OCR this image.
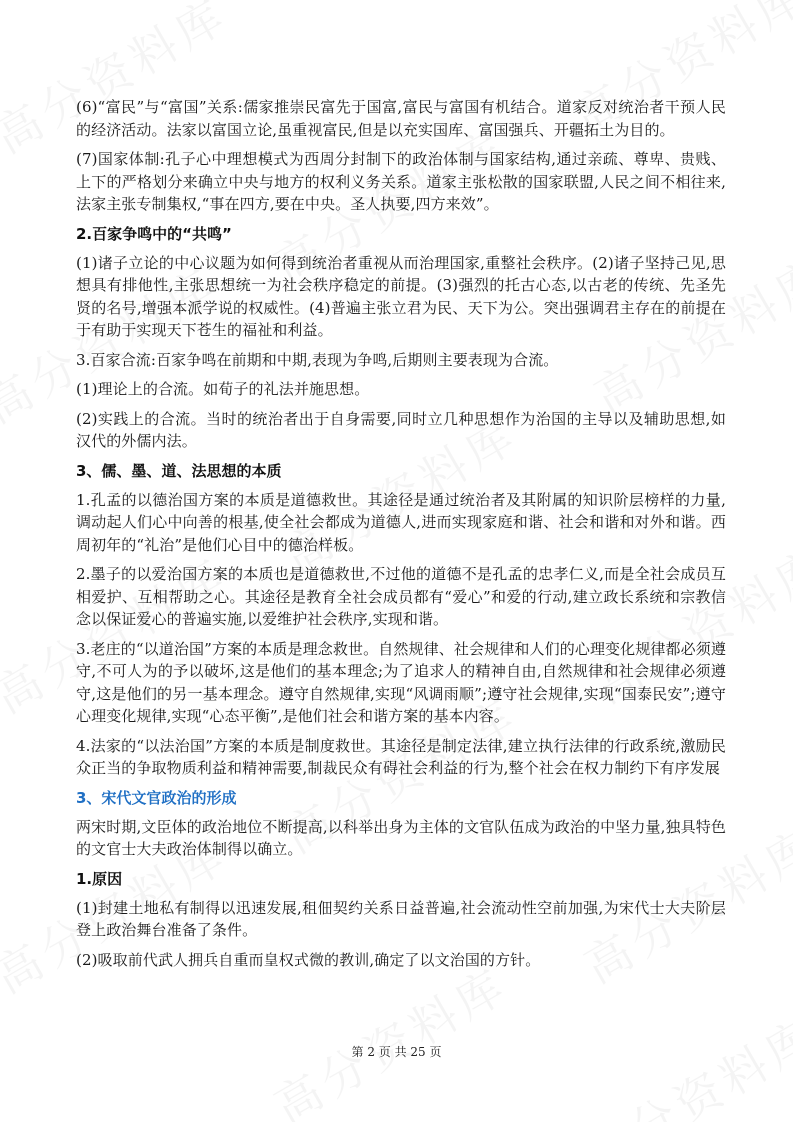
(6)“富民”与“富国”关系:儒家推崇民富先于国富,富民与富国有机结合。道家反对统治者干预人民的经济活动。法家以富国立论,虽重视富民,但是以充实国库、富国强兵、开疆拓土为目的。

(7)国家体制:孔子心中理想模式为西周分封制下的政治体制与国家结构,通过亲疏、尊卑、贵贱、上下的严格划分来确立中央与地方的权利义务关系。道家主张松散的国家联盟,人民之间不相往来,法家主张专制集权,“事在四方,要在中央。圣人执要,四方来效”。

2.百家争鸣中的“共鸣”

(1)诸子立论的中心议题为如何得到统治者重视从而治理国家,重整社会秩序。(2)诸子坚持己见,思想具有排他性,主张思想统一为社会秩序稳定的前提。(3)强烈的托古心态,以古老的传统、先圣先贤的名号,增强本派学说的权威性。(4)普遍主张立君为民、天下为公。突出强调君主存在的前提在于有助于实现天下苍生的福祉和利益。

3.百家合流:百家争鸣在前期和中期,表现为争鸣,后期则主要表现为合流。

(1)理论上的合流。如荀子的礼法并施思想。

(2)实践上的合流。当时的统治者出于自身需要,同时立几种思想作为治国的主导以及辅助思想,如汉代的外儒内法。

3、儒、墨、道、法思想的本质

1.孔孟的以德治国方案的本质是道德救世。其途径是通过统治者及其附属的知识阶层榜样的力量,调动起人们心中向善的根基,使全社会都成为道德人,进而实现家庭和谐、社会和谐和对外和谐。西周初年的“礼治”是他们心目中的德治样板。

2.墨子的以爱治国方案的本质也是道德救世,不过他的道德不是孔孟的忠孝仁义,而是全社会成员互相爱护、互相帮助之心。其途径是教育全社会成员都有“爱心”和爱的行动,建立政长系统和宗教信念以保证爱心的普遍实施,以爱维护社会秩序,实现和谐。

3.老庄的“以道治国”方案的本质是理念救世。自然规律、社会规律和人们的心理变化规律都必须遵守,不可人为的予以破坏,这是他们的基本理念;为了追求人的精神自由,自然规律和社会规律必须遵守,这是他们的另一基本理念。遵守自然规律,实现“风调雨顺”;遵守社会规律,实现“国泰民安”;遵守心理变化规律,实现“心态平衡”,是他们社会和谐方案的基本内容。

4.法家的“以法治国”方案的本质是制度救世。其途径是制定法律,建立执行法律的行政系统,激励民众正当的争取物质利益和精神需要,制裁民众有碍社会利益的行为,整个社会在权力制约下有序发展

3、宋代文官政治的形成

两宋时期,文臣体的政治地位不断提高,以科举出身为主体的文官队伍成为政治的中坚力量,独具特色的文官士大夫政治体制得以确立。

1.原因

(1)封建土地私有制得以迅速发展,租佃契约关系日益普遍,社会流动性空前加强,为宋代士大夫阶层登上政治舞台准备了条件。

(2)吸取前代武人拥兵自重而皇权式微的教训,确定了以文治国的方针。

第 2 页 共 25 页
